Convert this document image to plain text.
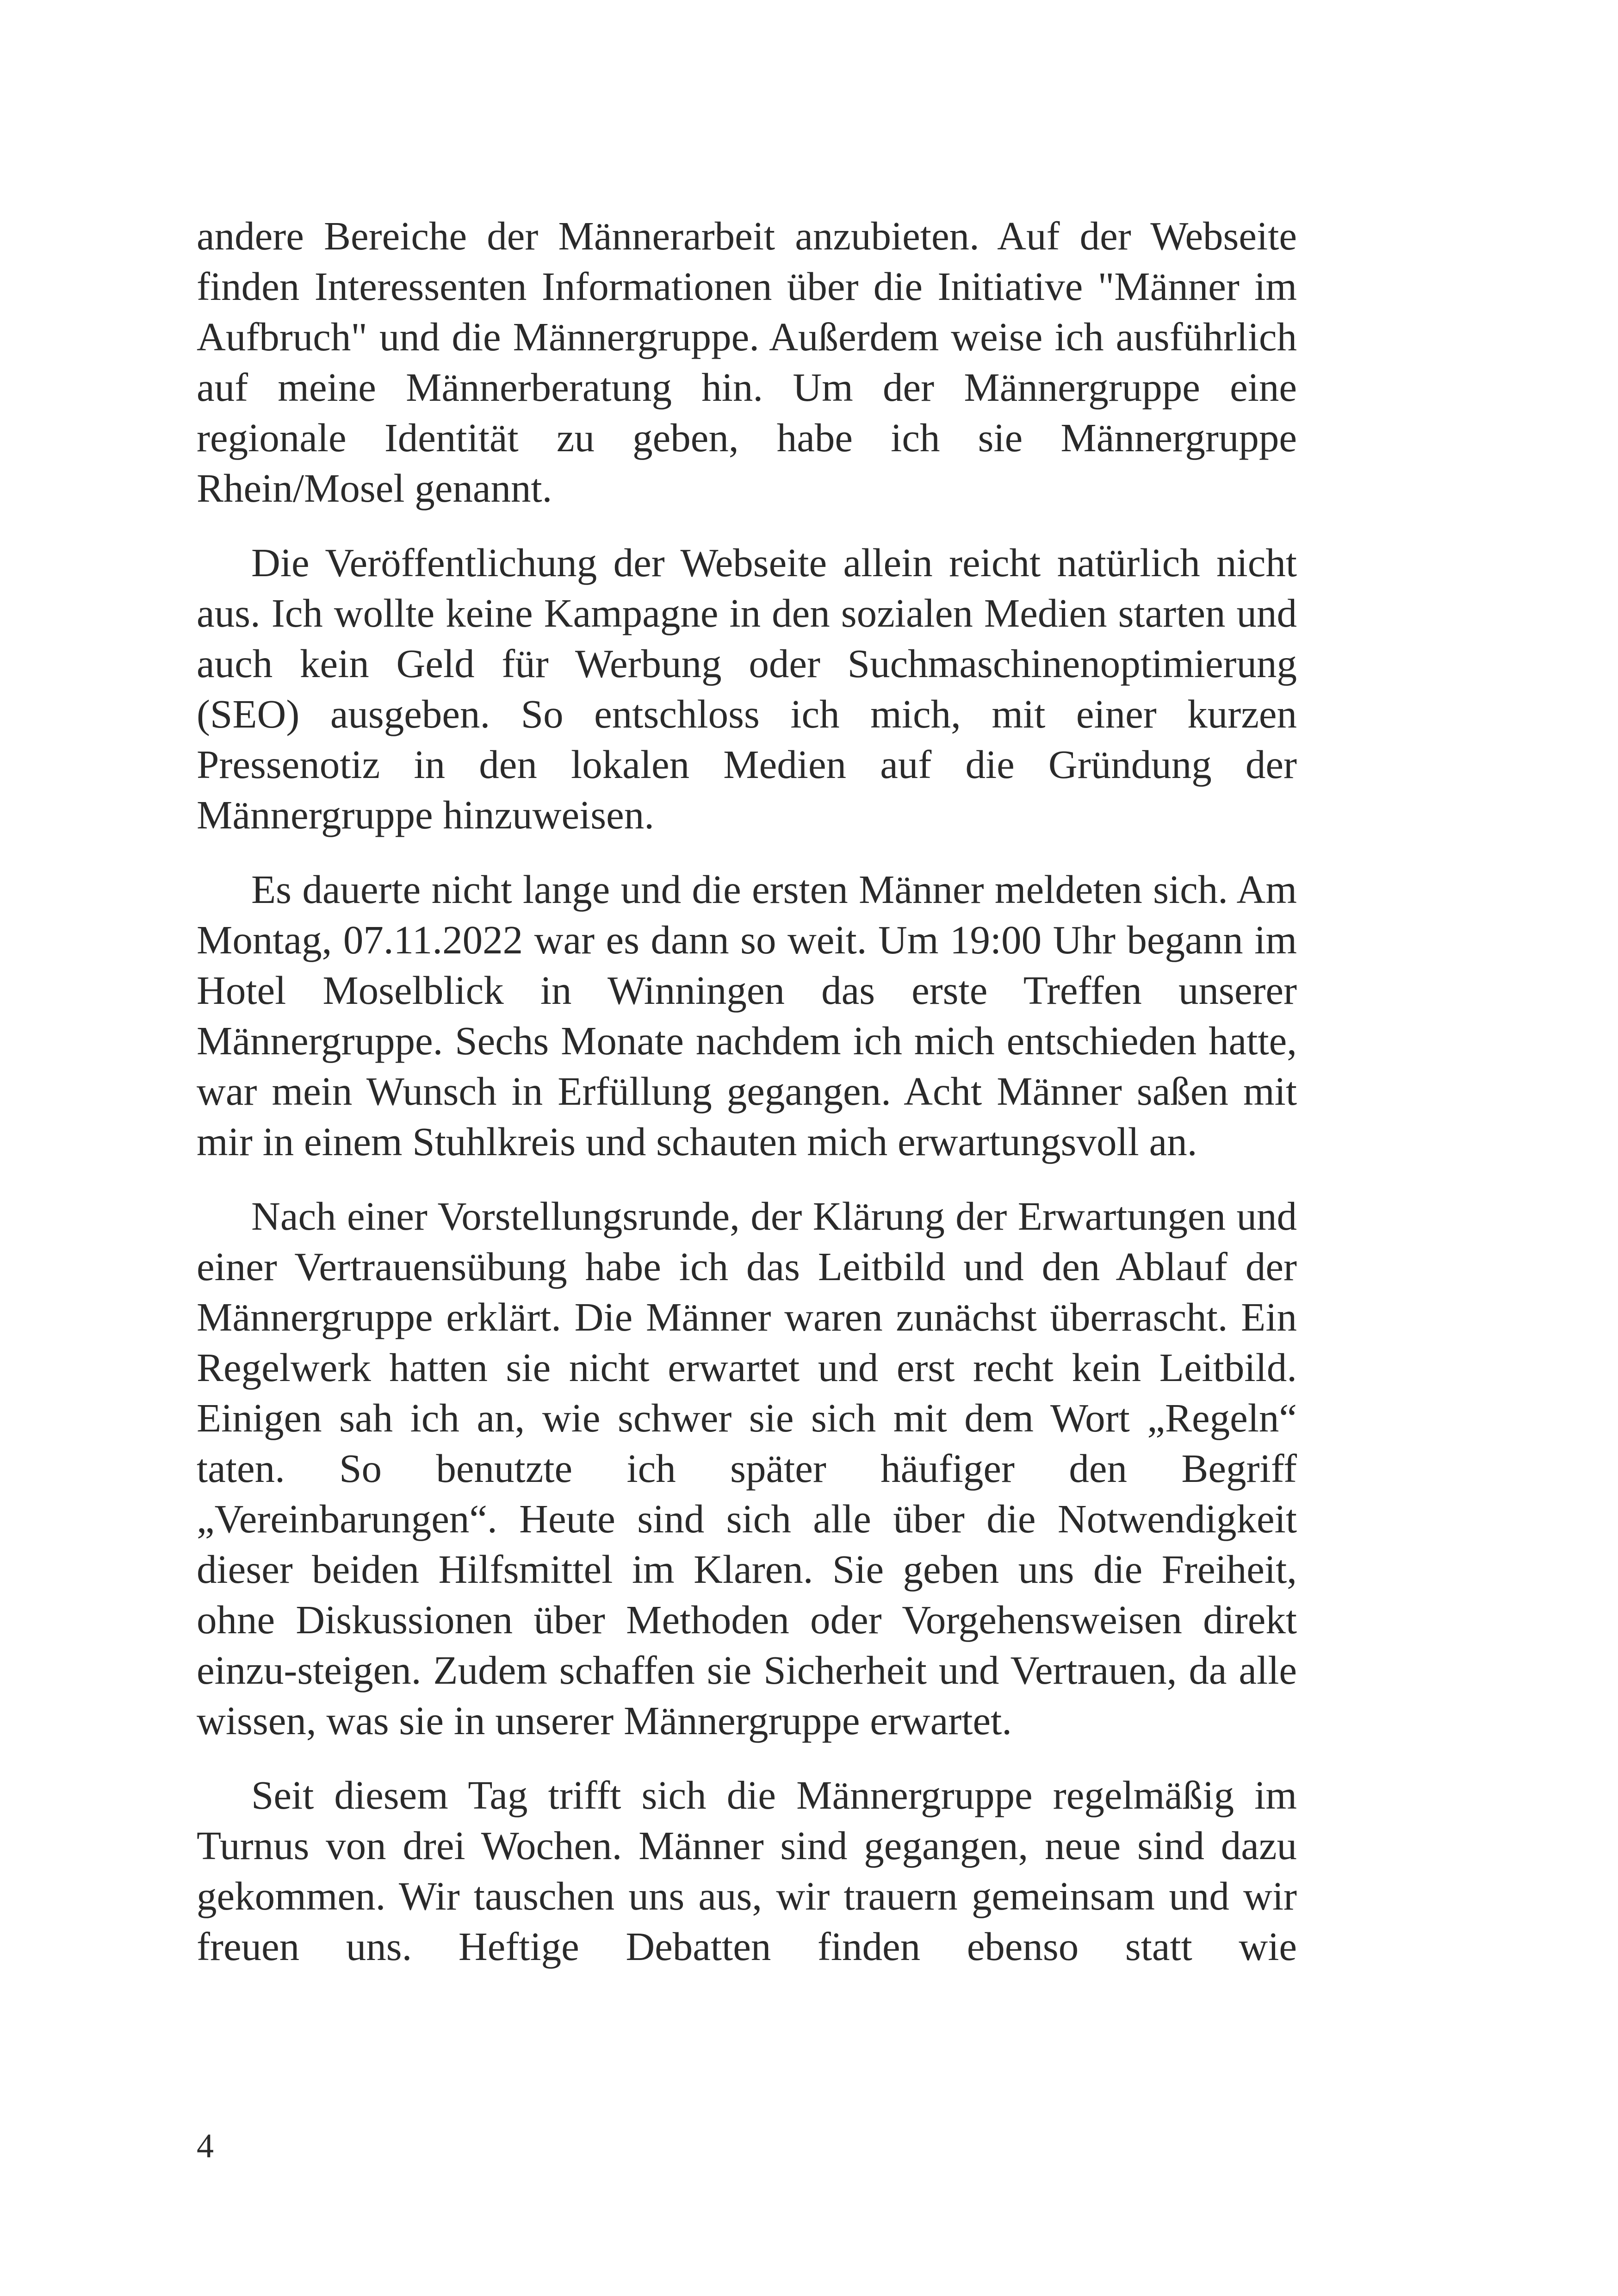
andere Bereiche der Männerarbeit anzubieten. Auf der Webseite finden Interessenten Informationen über die Initiative "Männer im Aufbruch" und die Männergruppe. Außerdem weise ich ausführlich auf meine Männerberatung hin. Um der Männergruppe eine regionale Identität zu geben, habe ich sie Männergruppe Rhein/Mosel genannt.

Die Veröffentlichung der Webseite allein reicht natürlich nicht aus. Ich wollte keine Kampagne in den sozialen Medien starten und auch kein Geld für Werbung oder Suchmaschinenoptimierung (SEO) ausgeben. So entschloss ich mich, mit einer kurzen Pressenotiz in den lokalen Medien auf die Gründung der Männergruppe hinzuweisen.

Es dauerte nicht lange und die ersten Männer meldeten sich. Am Montag, 07.11.2022 war es dann so weit. Um 19:00 Uhr begann im Hotel Moselblick in Winningen das erste Treffen unserer Männergruppe. Sechs Monate nachdem ich mich entschieden hatte, war mein Wunsch in Erfüllung gegangen. Acht Männer saßen mit mir in einem Stuhlkreis und schauten mich erwartungsvoll an.

Nach einer Vorstellungsrunde, der Klärung der Erwartungen und einer Vertrauensübung habe ich das Leitbild und den Ablauf der Männergruppe erklärt. Die Männer waren zunächst überrascht. Ein Regelwerk hatten sie nicht erwartet und erst recht kein Leitbild. Einigen sah ich an, wie schwer sie sich mit dem Wort „Regeln“ taten. So benutzte ich später häufiger den Begriff „Vereinbarungen“. Heute sind sich alle über die Notwendigkeit dieser beiden Hilfsmittel im Klaren. Sie geben uns die Freiheit, ohne Diskussionen über Methoden oder Vorgehensweisen direkt einzu-steigen. Zudem schaffen sie Sicherheit und Vertrauen, da alle wissen, was sie in unserer Männergruppe erwartet.

Seit diesem Tag trifft sich die Männergruppe regelmäßig im Turnus von drei Wochen. Männer sind gegangen, neue sind dazu gekommen. Wir tauschen uns aus, wir trauern gemeinsam und wir freuen uns. Heftige Debatten finden ebenso statt wie

4
